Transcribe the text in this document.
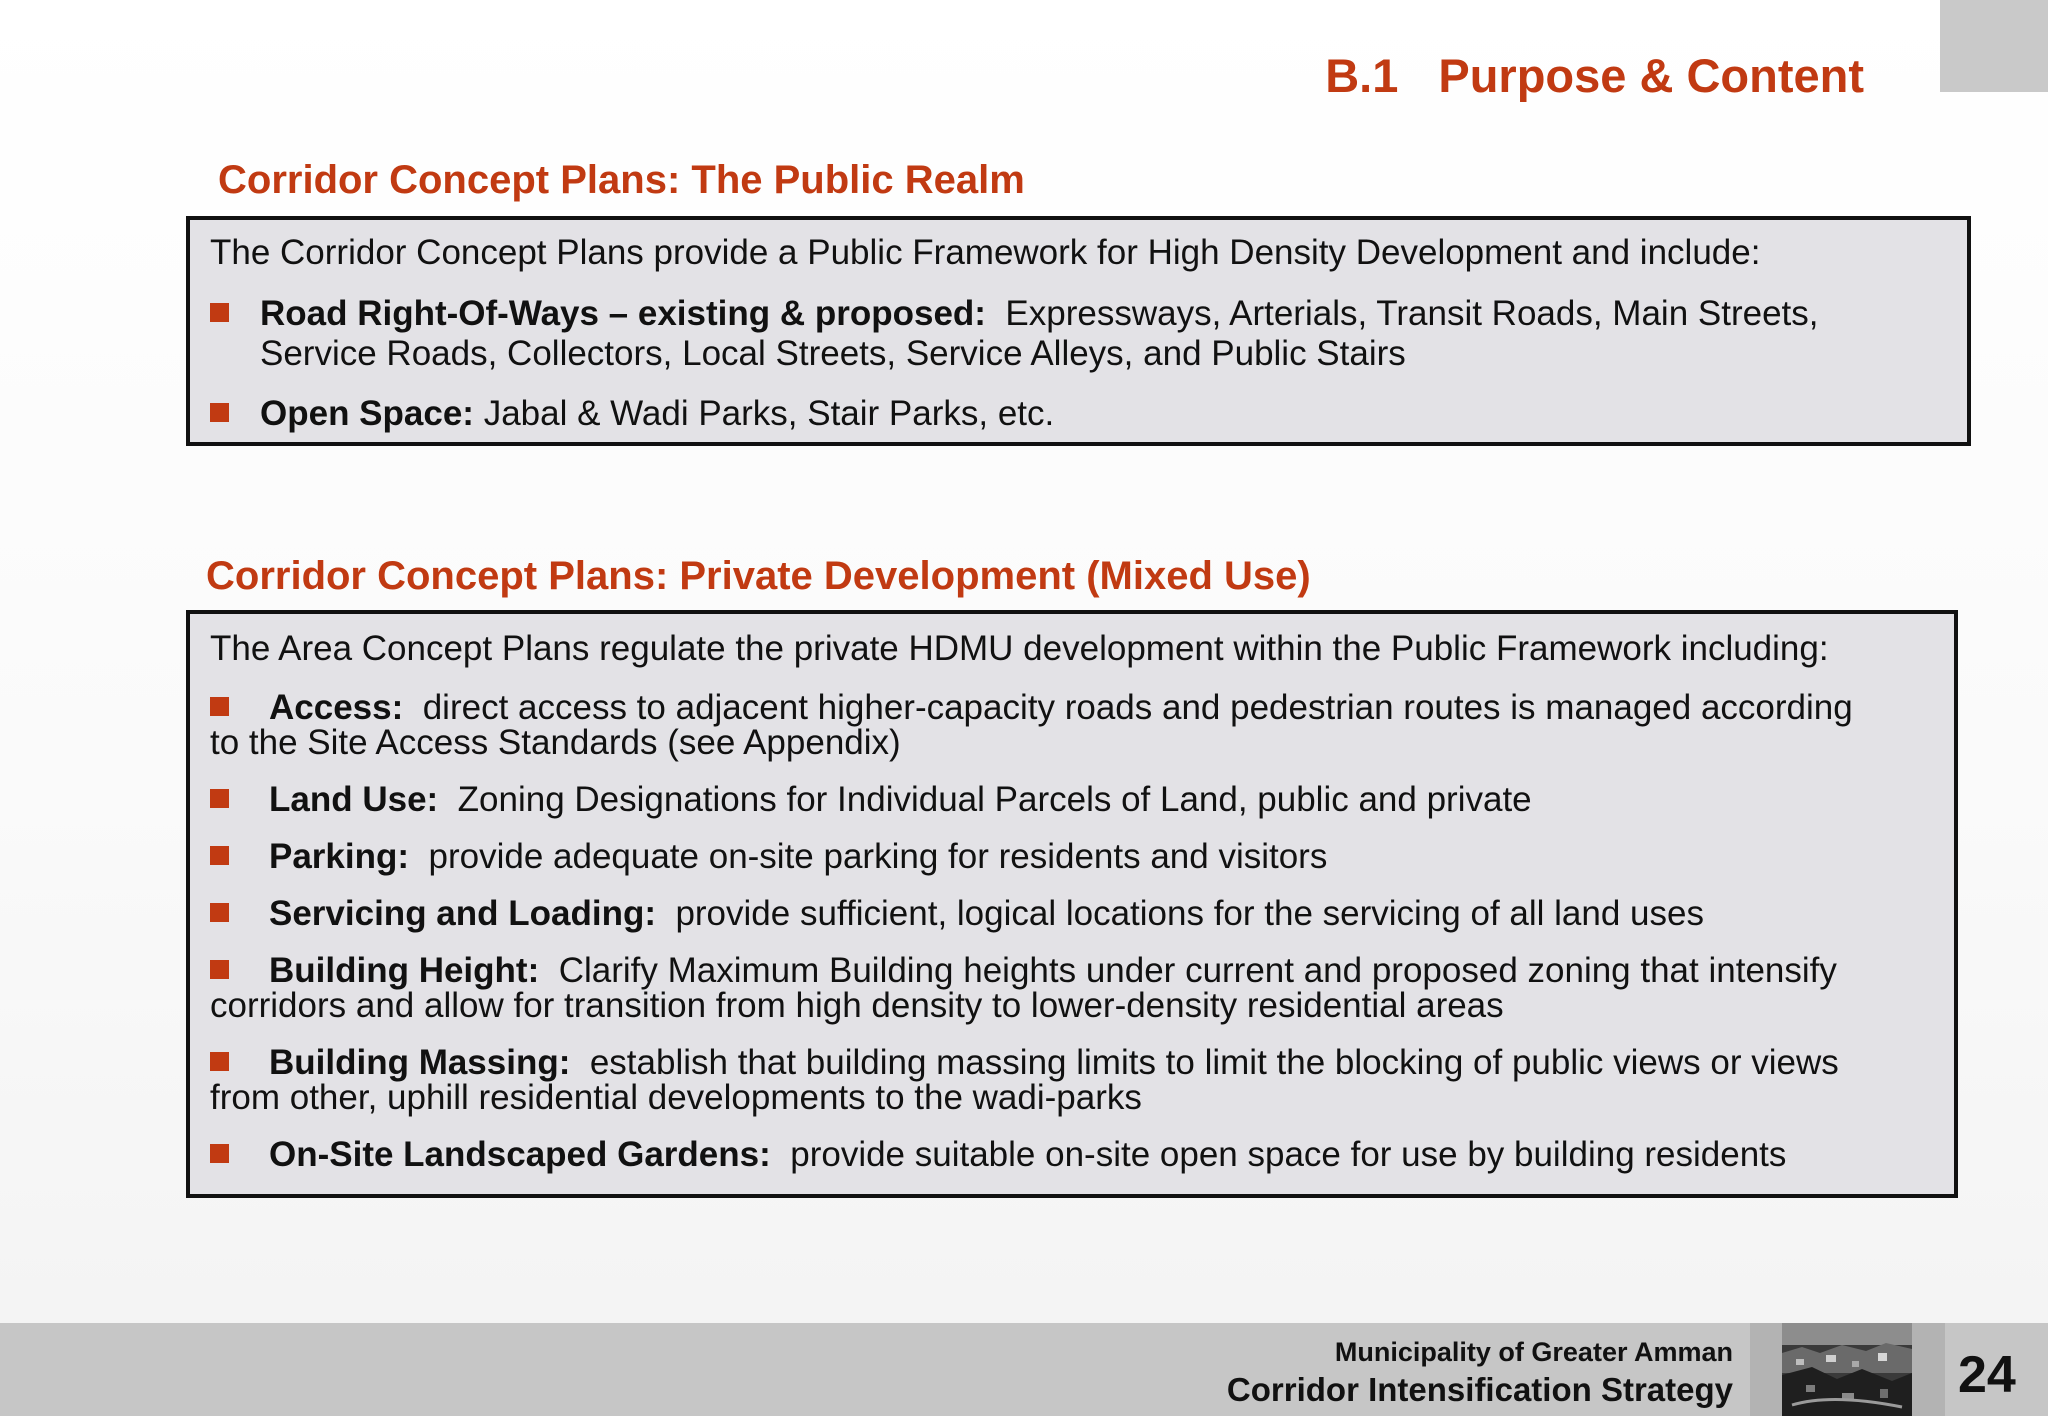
B.1 Purpose & Content
Corridor Concept Plans: The Public Realm

The Corridor Concept Plans provide a Public Framework for High Density Development and include:

Road Right-Of-Ways – existing & proposed: Expressways, Arterials, Transit Roads, Main Streets,
Service Roads, Collectors, Local Streets, Service Alleys, and Public Stairs
Open Space: Jabal & Wadi Parks, Stair Parks, etc.
Corridor Concept Plans: Private Development (Mixed Use)

The Area Concept Plans regulate the private HDMU development within the Public Framework including:

Access: direct access to adjacent higher-capacity roads and pedestrian routes is managed according
to the Site Access Standards (see Appendix)
Land Use: Zoning Designations for Individual Parcels of Land, public and private
Parking: provide adequate on-site parking for residents and visitors
Servicing and Loading: provide sufficient, logical locations for the servicing of all land uses
Building Height: Clarify Maximum Building heights under current and proposed zoning that intensify
corridors and allow for transition from high density to lower-density residential areas
Building Massing: establish that building massing limits to limit the blocking of public views or views
from other, uphill residential developments to the wadi-parks
On-Site Landscaped Gardens: provide suitable on-site open space for use by building residents
Municipality of Greater Amman
Corridor Intensification Strategy	24
